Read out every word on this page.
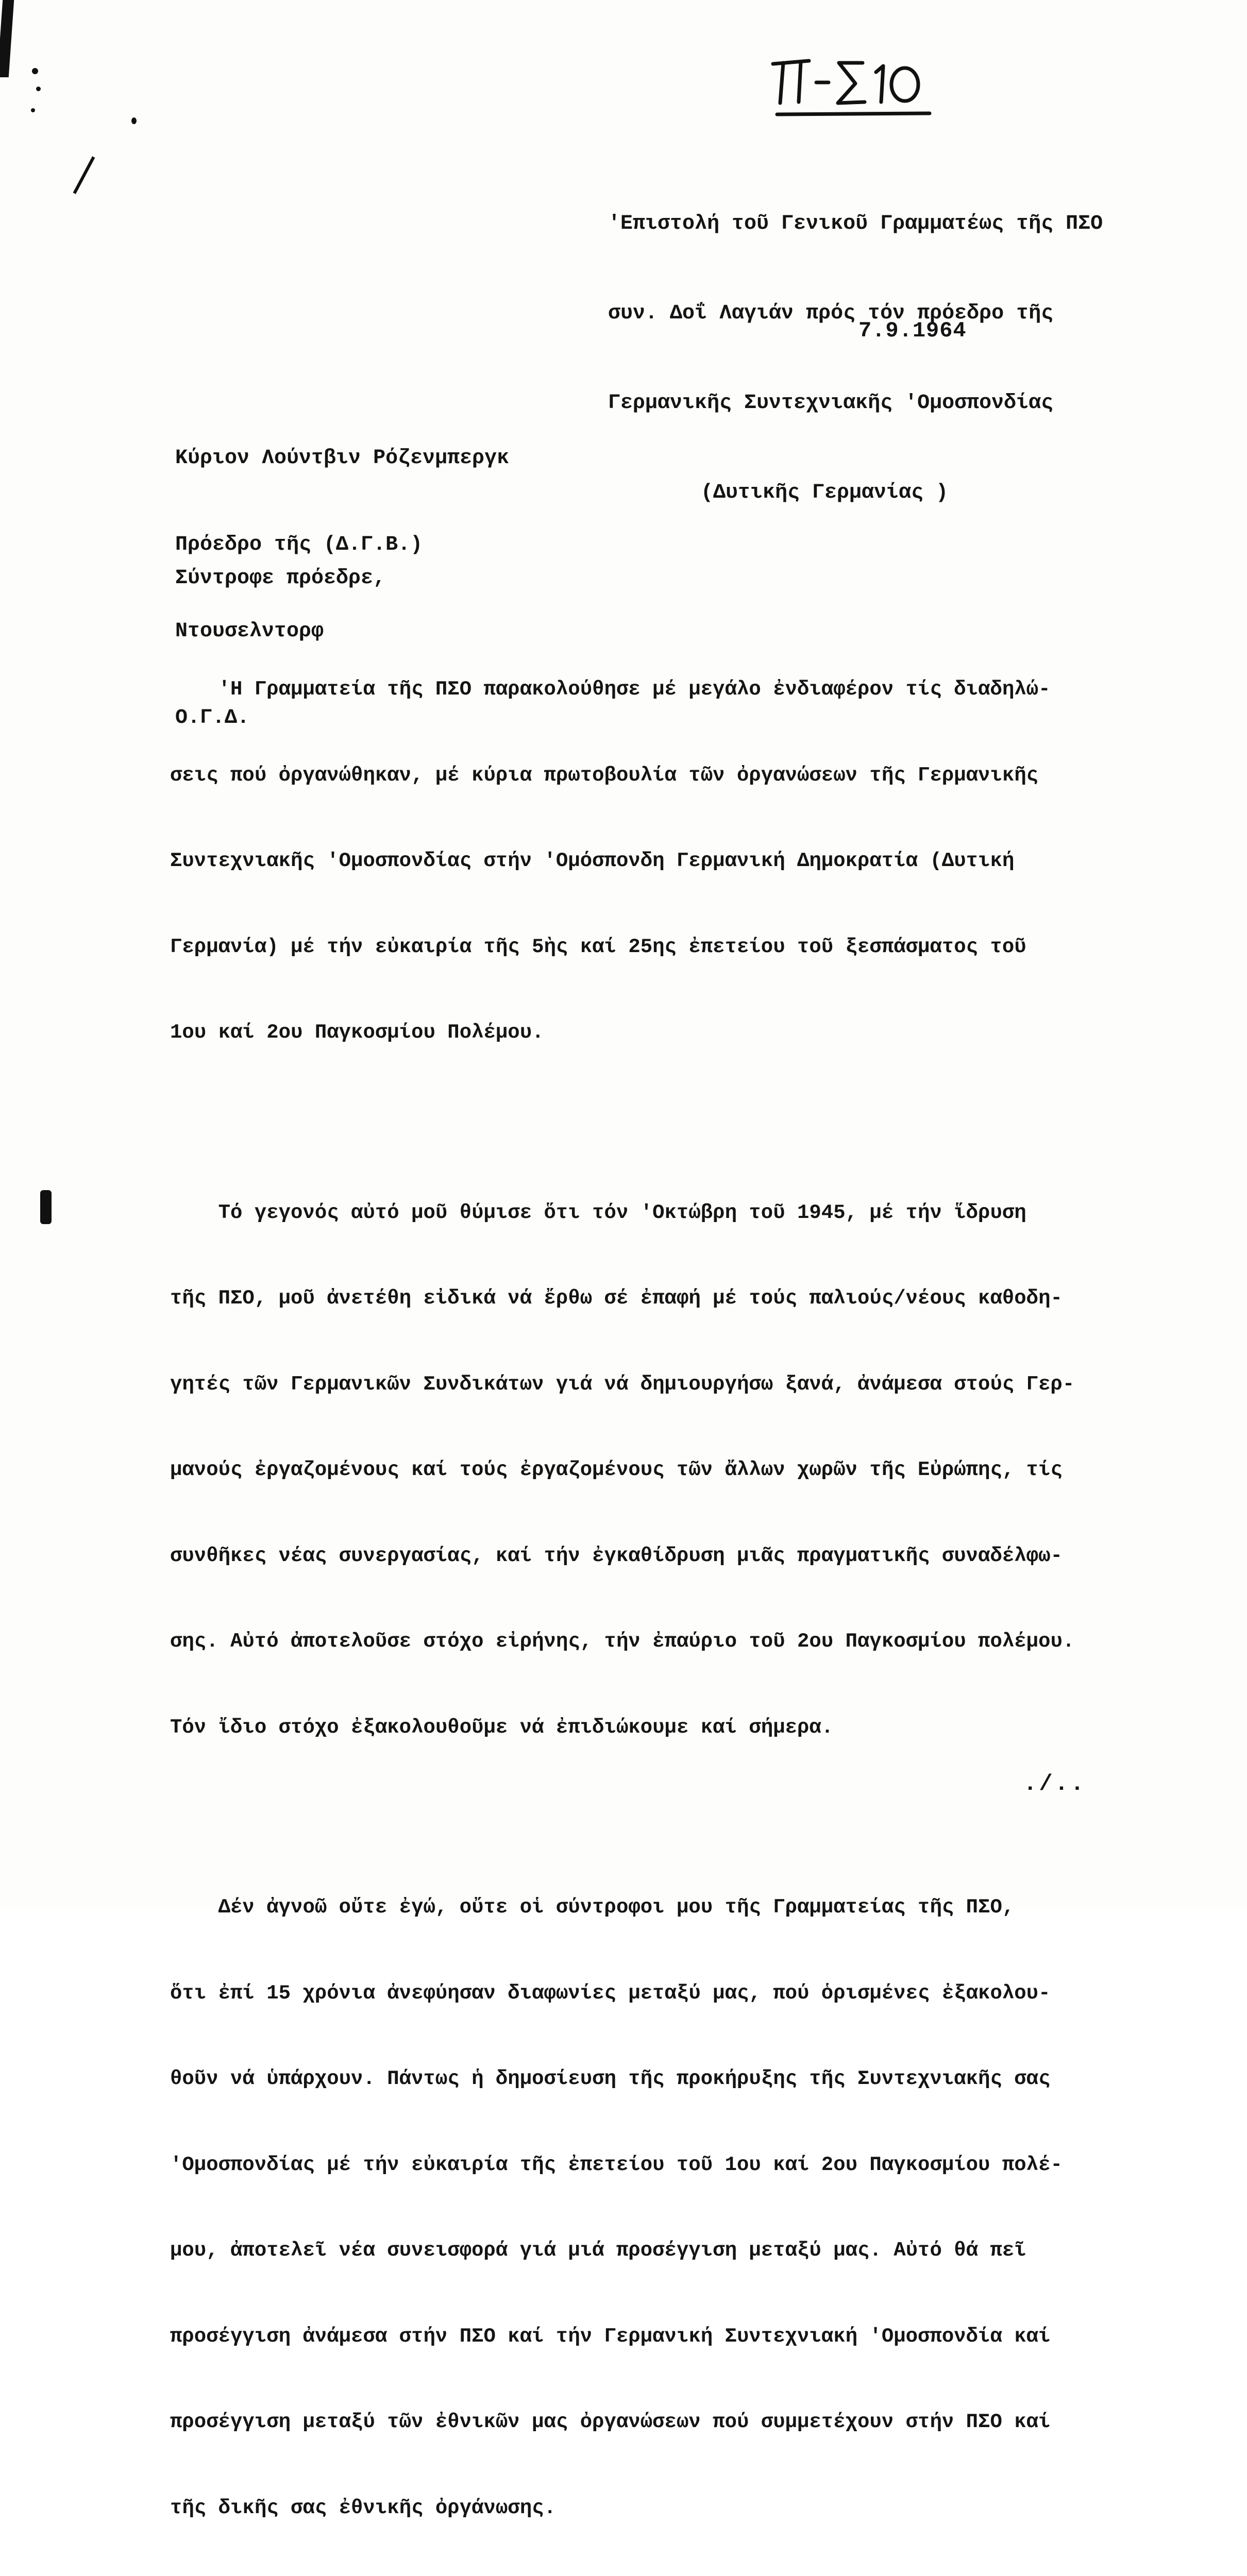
'Επιστολή τοῦ Γενικοῦ Γραμματέως τῆς ΠΣΟ

συν. Δοΐ Λαγιάν πρός τόν πρόεδρο τῆς

Γερμανικῆς Συντεχνιακῆς 'Ομοσπονδίας

(Δυτικῆς Γερμανίας )

7.9.1964

Κύριον Λούντβιν Ρόζενμπεργκ

Πρόεδρο τῆς (Δ.Γ.Β.)

Ντουσελντορφ

Ο.Γ.Δ.

Σύντροφε πρόεδρε,

'Η Γραμματεία τῆς ΠΣΟ παρακολούθησε μέ μεγάλο ἐνδιαφέρον τίς διαδηλώ-

σεις πού ὀργανώθηκαν, μέ κύρια πρωτοβουλία τῶν ὀργανώσεων τῆς Γερμανικῆς

Συντεχνιακῆς 'Ομοσπονδίας στήν 'Ομόσπονδη Γερμανική Δημοκρατία (Δυτική

Γερμανία) μέ τήν εὐκαιρία τῆς 5ὴς καί 25ης ἐπετείου τοῦ ξεσπάσματος τοῦ

1ου καί 2ου Παγκοσμίου Πολέμου.

Τό γεγονός αὐτό μοῦ θύμισε ὅτι τόν 'Οκτώβρη τοῦ 1945, μέ τήν ἵδρυση

τῆς ΠΣΟ, μοῦ ἀνετέθη εἰδικά νά ἔρθω σέ ἐπαφή μέ τούς παλιούς/νέους καθοδη-

γητές τῶν Γερμανικῶν Συνδικάτων γιά νά δημιουργήσω ξανά, ἀνάμεσα στούς Γερ-

μανούς ἐργαζομένους καί τούς ἐργαζομένους τῶν ἄλλων χωρῶν τῆς Εὐρώπης, τίς

συνθῆκες νέας συνεργασίας, καί τήν ἐγκαθίδρυση μιᾶς πραγματικῆς συναδέλφω-

σης. Αὐτό ἀποτελοῦσε στόχο εἰρήνης, τήν ἐπαύριο τοῦ 2ου Παγκοσμίου πολέμου.

Τόν ἴδιο στόχο ἐξακολουθοῦμε νά ἐπιδιώκουμε καί σήμερα.

Δέν ἀγνοῶ οὔτε ἐγώ, οὔτε οἱ σύντροφοι μου τῆς Γραμματείας τῆς ΠΣΟ,

ὅτι ἐπί 15 χρόνια ἀνεφύησαν διαφωνίες μεταξύ μας, πού ὁρισμένες ἐξακολου-

θοῦν νά ὑπάρχουν. Πάντως ἡ δημοσίευση τῆς προκήρυξης τῆς Συντεχνιακῆς σας

'Ομοσπονδίας μέ τήν εὐκαιρία τῆς ἐπετείου τοῦ 1ου καί 2ου Παγκοσμίου πολέ-

μου, ἀποτελεῖ νέα συνεισφορά γιά μιά προσέγγιση μεταξύ μας. Αὐτό θά πεῖ

προσέγγιση ἀνάμεσα στήν ΠΣΟ καί τήν Γερμανική Συντεχνιακή 'Ομοσπονδία καί

προσέγγιση μεταξύ τῶν ἐθνικῶν μας ὀργανώσεων πού συμμετέχουν στήν ΠΣΟ καί

τῆς δικῆς σας ἐθνικῆς ὀργάνωσης.

./..
